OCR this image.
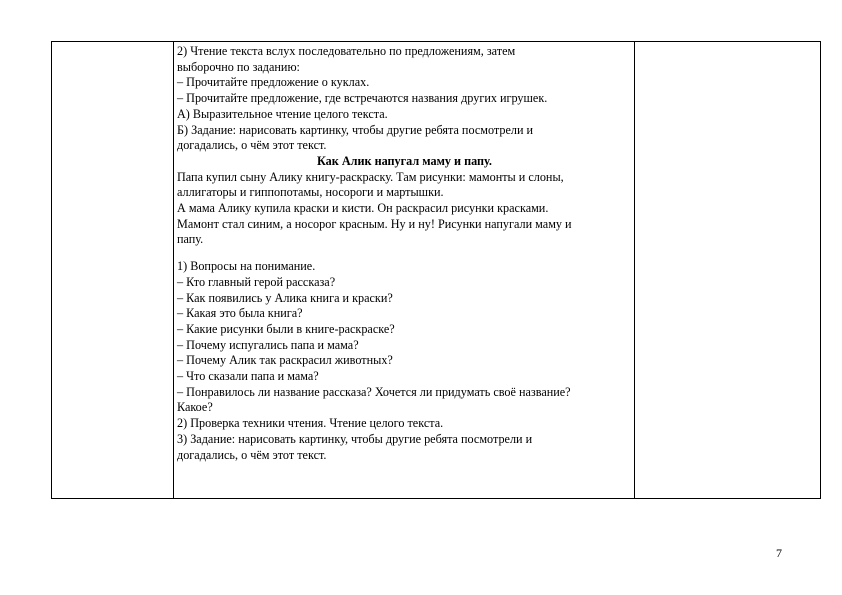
2) Чтение текста вслух последовательно по предложениям, затем
выборочно по заданию:
– Прочитайте предложение о куклах.
– Прочитайте предложение, где встречаются названия других игрушек.
А) Выразительное чтение целого текста.
Б) Задание: нарисовать картинку, чтобы другие ребята посмотрели и
догадались, о чём этот текст.
Как Алик напугал маму и папу.
Папа купил сыну Алику книгу-раскраску. Там рисунки: мамонты и слоны,
аллигаторы и гиппопотамы, носороги и мартышки.
А мама Алику купила краски и кисти. Он раскрасил рисунки красками.
Мамонт стал синим, а носорог красным. Ну и ну! Рисунки напугали маму и
папу.
1) Вопросы на понимание.
– Кто главный герой рассказа?
– Как появились у Алика книга и краски?
– Какая это была книга?
– Какие рисунки были в книге-раскраске?
– Почему испугались папа и мама?
– Почему Алик так раскрасил животных?
– Что сказали папа и мама?
– Понравилось ли название рассказа? Хочется ли придумать своё название?
Какое?
2) Проверка техники чтения. Чтение целого текста.
3) Задание: нарисовать картинку, чтобы другие ребята посмотрели и
догадались, о чём этот текст.
7
